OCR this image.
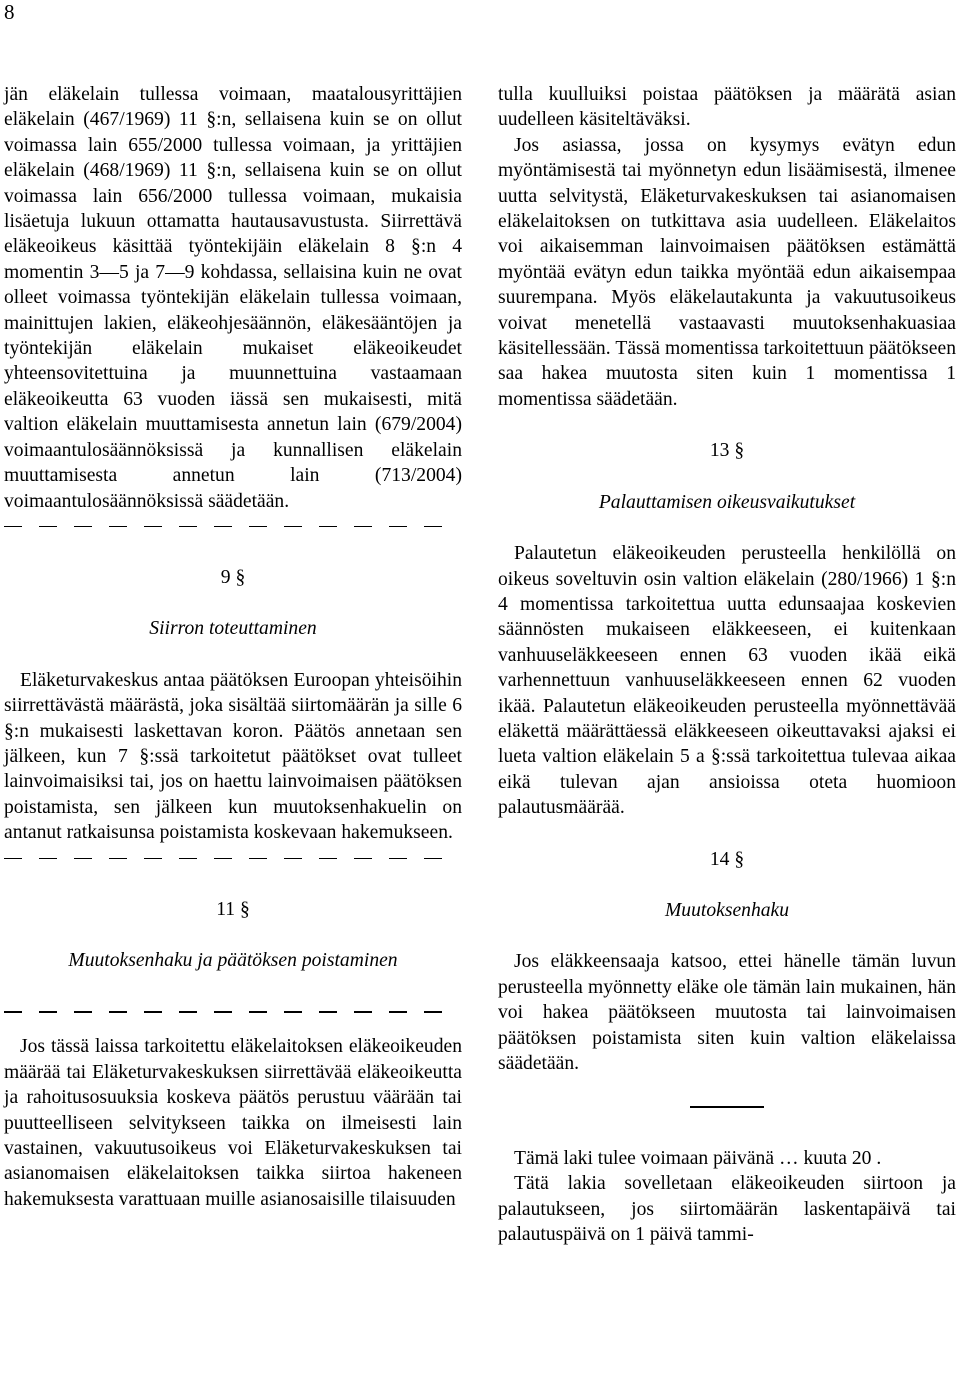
8

jän eläkelain tullessa voimaan, maatalousyrittäjien eläkelain (467/1969) 11 §:n, sellaisena kuin se on ollut voimassa lain 655/2000 tullessa voimaan, ja yrittäjien eläkelain (468/1969) 11 §:n, sellaisena kuin se on ollut voimassa lain 656/2000 tullessa voimaan, mukaisia lisäetuja lukuun ottamatta hautausavustusta. Siirrettävä eläkeoikeus käsittää työntekijäin eläkelain 8 §:n 4 momentin 3—5 ja 7—9 kohdassa, sellaisina kuin ne ovat olleet voimassa työntekijän eläkelain tullessa voimaan, mainittujen lakien, eläkeohjesäännön, eläkesääntöjen ja työntekijän eläkelain mukaiset eläkeoikeudet yhteensovitettuina ja muunnettuina vastaamaan eläkeoikeutta 63 vuoden iässä sen mukaisesti, mitä valtion eläkelain muuttamisesta annetun lain (679/2004) voimaantulosäännöksissä ja kunnallisen eläkelain muuttamisesta annetun lain (713/2004) voimaantulosäännöksissä säädetään.

9 §
Siirron toteuttaminen

Eläketurvakeskus antaa päätöksen Euroopan yhteisöihin siirrettävästä määrästä, joka sisältää siirtomäärän ja sille 6 §:n mukaisesti laskettavan koron. Päätös annetaan sen jälkeen, kun 7 §:ssä tarkoitetut päätökset ovat tulleet lainvoimaisiksi tai, jos on haettu lainvoimaisen päätöksen poistamista, sen jälkeen kun muutoksenhakuelin on antanut ratkaisunsa poistamista koskevaan hakemukseen.

11 §
Muutoksenhaku ja päätöksen poistaminen

Jos tässä laissa tarkoitettu eläkelaitoksen eläkeoikeuden määrää tai Eläketurvakeskuksen siirrettävää eläkeoikeutta ja rahoitusosuuksia koskeva päätös perustuu väärään tai puutteelliseen selvitykseen taikka on ilmeisesti lain vastainen, vakuutusoikeus voi Eläketurvakeskuksen tai asianomaisen eläkelaitoksen taikka siirtoa hakeneen hakemuksesta varattuaan muille asianosaisille tilaisuuden

tulla kuulluiksi poistaa päätöksen ja määrätä asian uudelleen käsiteltäväksi.

Jos asiassa, jossa on kysymys evätyn edun myöntämisestä tai myönnetyn edun lisäämisestä, ilmenee uutta selvitystä, Eläketurvakeskuksen tai asianomaisen eläkelaitoksen on tutkittava asia uudelleen. Eläkelaitos voi aikaisemman lainvoimaisen päätöksen estämättä myöntää evätyn edun taikka myöntää edun aikaisempaa suurempana. Myös eläkelautakunta ja vakuutusoikeus voivat menetellä vastaavasti muutoksenhakuasiaa käsitellessään. Tässä momentissa tarkoitettuun päätökseen saa hakea muutosta siten kuin 1 momentissa 1 momentissa säädetään.

13 §
Palauttamisen oikeusvaikutukset

Palautetun eläkeoikeuden perusteella henkilöllä on oikeus soveltuvin osin valtion eläkelain (280/1966) 1 §:n 4 momentissa tarkoitettua uutta edunsaajaa koskevien säännösten mukaiseen eläkkeeseen, ei kuitenkaan vanhuuseläkkeeseen ennen 63 vuoden ikää eikä varhennettuun vanhuuseläkkeeseen ennen 62 vuoden ikää. Palautetun eläkeoikeuden perusteella myönnettävää eläkettä määrättäessä eläkkeeseen oikeuttavaksi ajaksi ei lueta valtion eläkelain 5 a §:ssä tarkoitettua tulevaa aikaa eikä tulevan ajan ansioissa oteta huomioon palautusmäärää.

14 §
Muutoksenhaku

Jos eläkkeensaaja katsoo, ettei hänelle tämän luvun perusteella myönnetty eläke ole tämän lain mukainen, hän voi hakea päätökseen muutosta tai lainvoimaisen päätöksen poistamista siten kuin valtion eläkelaissa säädetään.

Tämä laki tulee voimaan päivänä … kuuta 20 .

Tätä lakia sovelletaan eläkeoikeuden siirtoon ja palautukseen, jos siirtomäärän laskentapäivä tai palautuspäivä on 1 päivä tammi-
